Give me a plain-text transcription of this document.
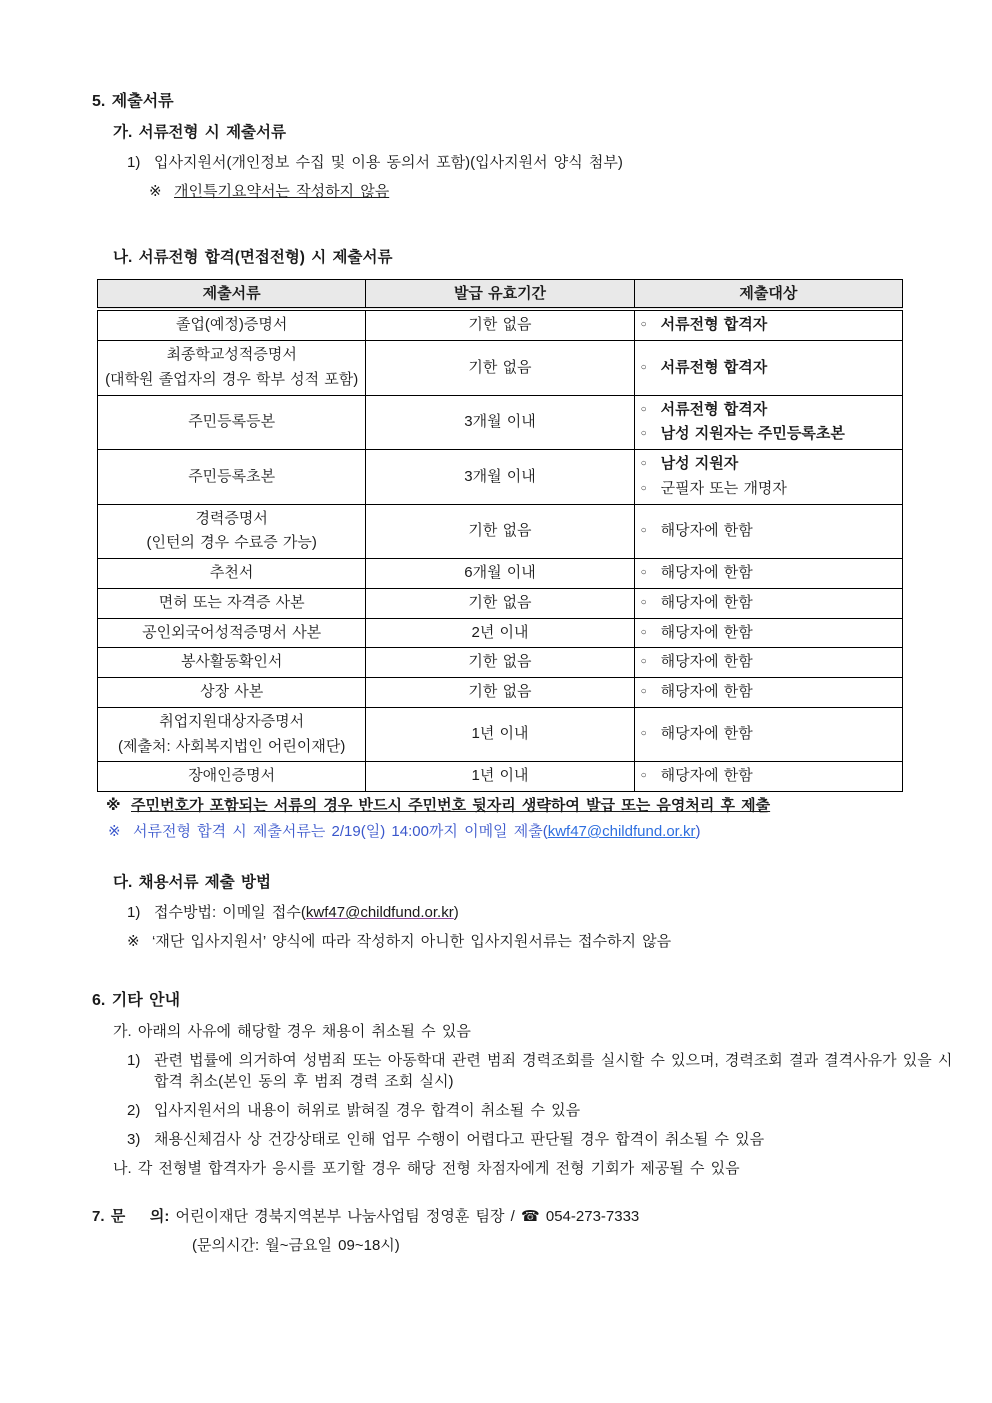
5. 제출서류
가. 서류전형 시 제출서류
1) 입사지원서(개인정보 수집 및 이용 동의서 포함)(입사지원서 양식 첨부)
※ 개인특기요약서는 작성하지 않음
나. 서류전형 합격(면접전형) 시 제출서류
제출서류	발급 유효기간	제출대상

졸업(예정)증명서	기한 없음	○ 서류전형 합격자

최종학교성적증명서
(대학원 졸업자의 경우 학부 성적 포함)
	기한 없음	○ 서류전형 합격자

주민등록등본	3개월 이내	○ 서류전형 합격자
○ 남성 지원자는 주민등록초본

주민등록초본	3개월 이내	○ 남성 지원자
○ 군필자 또는 개명자

경력증명서
(인턴의 경우 수료증 가능)
	기한 없음	○ 해당자에 한함

추천서	6개월 이내	○ 해당자에 한함

면허 또는 자격증 사본	기한 없음	○ 해당자에 한함

공인외국어성적증명서 사본	2년 이내	○ 해당자에 한함

봉사활동확인서	기한 없음	○ 해당자에 한함

상장 사본	기한 없음	○ 해당자에 한함

취업지원대상자증명서
(제출처: 사회복지법인 어린이재단)
	1년 이내	○ 해당자에 한함

장애인증명서	1년 이내	○ 해당자에 한함
※ 주민번호가 포함되는 서류의 경우 반드시 주민번호 뒷자리 생략하여 발급 또는 음영처리 후 제출
※ 서류전형 합격 시 제출서류는 2/19(일) 14:00까지 이메일 제출(kwf47@childfund.or.kr)
다. 채용서류 제출 방법
1) 접수방법: 이메일 접수(kwf47@childfund.or.kr)
※ ‘재단 입사지원서’ 양식에 따라 작성하지 아니한 입사지원서류는 접수하지 않음
6. 기타 안내
가. 아래의 사유에 해당할 경우 채용이 취소될 수 있음
1) 관련 법률에 의거하여 성범죄 또는 아동학대 관련 범죄 경력조회를 실시할 수 있으며, 경력조회 결과 결격사유가 있을 시 합격 취소(본인 동의 후 범죄 경력 조회 실시)
2) 입사지원서의 내용이 허위로 밝혀질 경우 합격이 취소될 수 있음
3) 채용신체검사 상 건강상태로 인해 업무 수행이 어렵다고 판단될 경우 합격이 취소될 수 있음
나. 각 전형별 합격자가 응시를 포기할 경우 해당 전형 차점자에게 전형 기회가 제공될 수 있음
7. 문    의: 어린이재단 경북지역본부 나눔사업팀 정영훈 팀장 / ☎ 054-273-7333
(문의시간: 월~금요일 09~18시)
